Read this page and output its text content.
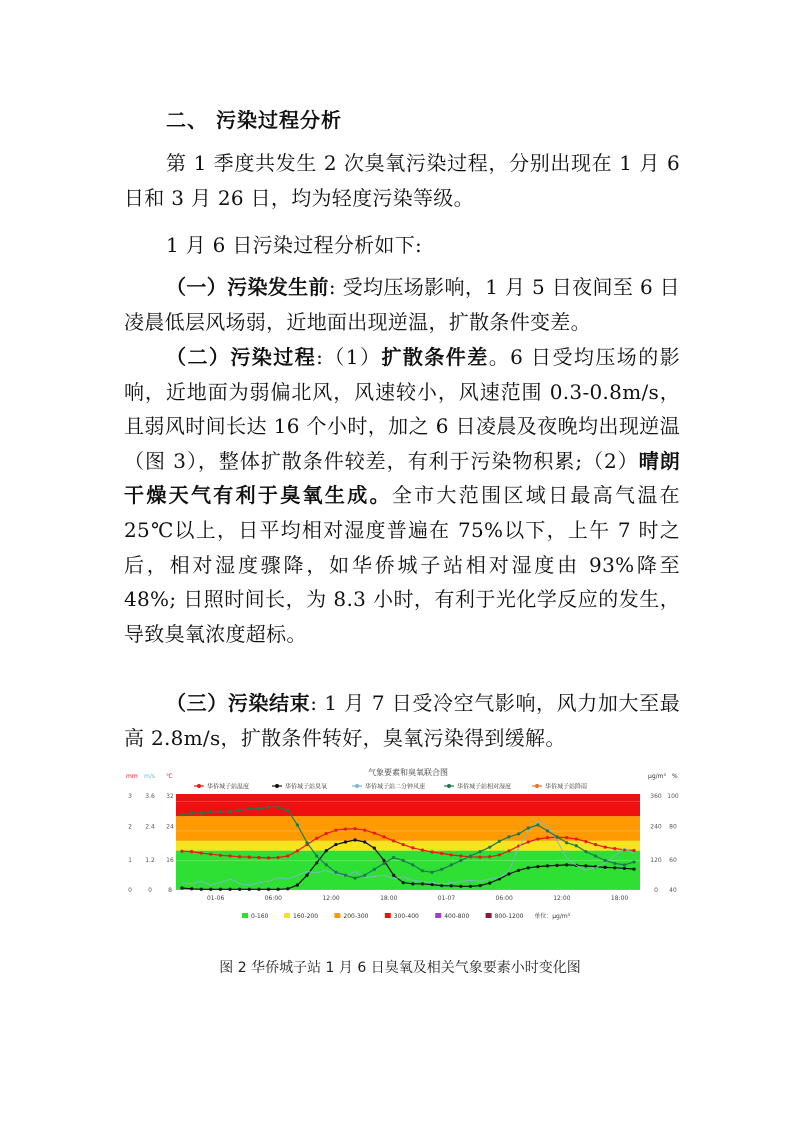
二、 污染过程分析
第 1 季度共发生 2 次臭氧污染过程，分别出现在 1 月 6 日和 3 月 26 日，均为轻度污染等级。
1 月 6 日污染过程分析如下:
（一）污染发生前: 受均压场影响，1 月 5 日夜间至 6 日凌晨低层风场弱，近地面出现逆温，扩散条件变差。
（二）污染过程:（1）扩散条件差。6 日受均压场的影响，近地面为弱偏北风，风速较小，风速范围 0.3-0.8m/s，且弱风时间长达 16 个小时，加之 6 日凌晨及夜晚均出现逆温（图 3），整体扩散条件较差，有利于污染物积累;（2）晴朗干燥天气有利于臭氧生成。全市大范围区域日最高气温在 25℃以上，日平均相对湿度普遍在 75%以下，上午 7 时之后，相对湿度骤降，如华侨城子站相对湿度由 93%降至 48%; 日照时间长，为 8.3 小时，有利于光化学反应的发生，导致臭氧浓度超标。
（三）污染结束: 1 月 7 日受冷空气影响，风力加大至最高 2.8m/s，扩散条件转好，臭氧污染得到缓解。
气象要素和臭氧联合图
华侨城子站温度	华侨城子站臭氧	华侨城子站二分钟风速	华侨城子站相对湿度	华侨城子站降雨
mm m/s ℃	μg/m³ %
3
2
1
0
3.6
2.4
1.2
0
32
24
16
8
360
240
120
0
100
80
60
40
01-06	06:00	12:00	18:00	01-07	06:00	12:00	18:00
0-160	160-200	200-300	300-400	400-800	800-1200 单位：μg/m³
图 2 华侨城子站 1 月 6 日臭氧及相关气象要素小时变化图
